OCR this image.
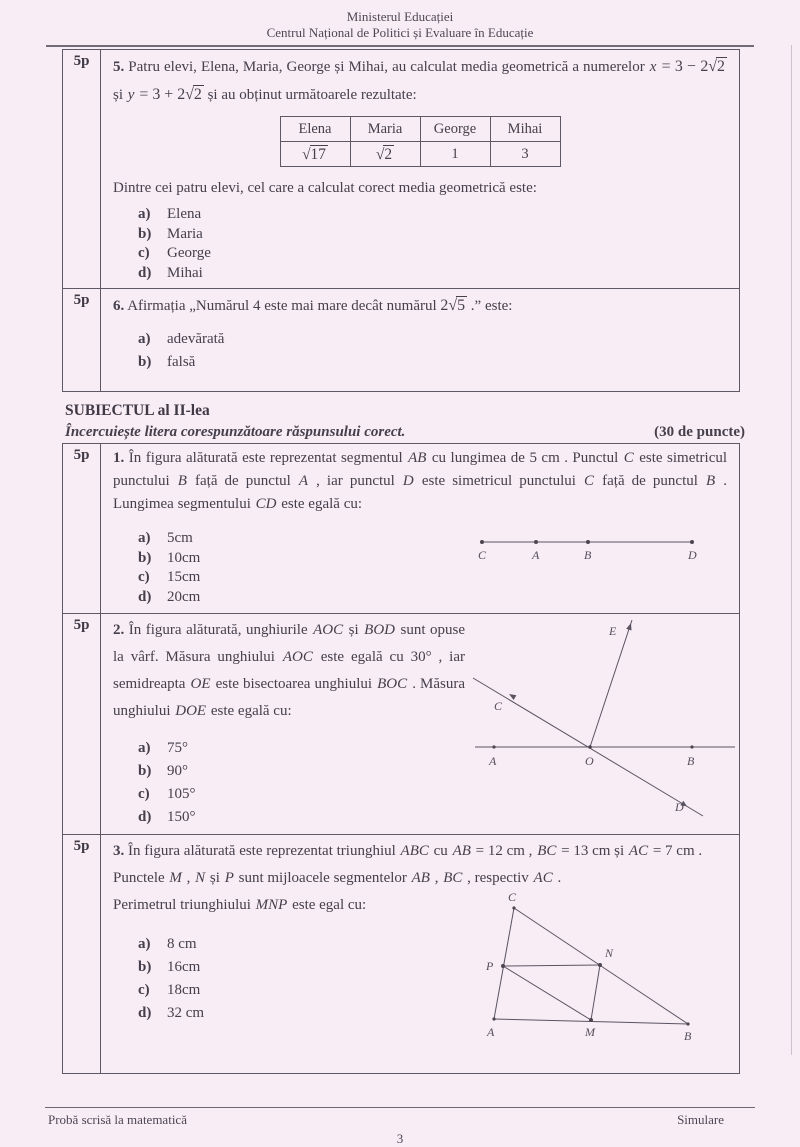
Ministerul Educației
Centrul Național de Politici și Evaluare în Educație
5p	5. Patru elevi, Elena, Maria, George și Mihai, au calculat media geometrică a numerelor x = 3 − 2√2 și y = 3 + 2√2 și au obținut următoarele rezultate:
Elena	Maria	George	Mihai
√17	√2	1	3
Dintre cei patru elevi, cel care a calculat corect media geometrică este:
a)	Elena
b)	Maria
c)	George
d)	Mihai

5p	6. Afirmația „Numărul 4 este mai mare decât numărul 2√5 .” este:
a)	adevărată
b)	falsă
SUBIECTUL al II-lea
Încercuiește litera corespunzătoare răspunsului corect.	(30 de puncte)
5p	1. În figura alăturată este reprezentat segmentul AB cu lungimea de 5 cm . Punctul C este simetricul punctului B față de punctul A , iar punctul D este simetricul punctului C față de punctul B . Lungimea segmentului CD este egală cu:
a)	5cm
b)	10cm
c)	15cm
d)	20cm
C	A	B	D

5p	2. În figura alăturată, unghiurile AOC și BOD sunt opuse la vârf. Măsura unghiului AOC este egală cu 30° , iar semidreapta OE este bisectoarea unghiului BOC . Măsura unghiului DOE este egală cu:
a)	75°
b)	90°
c)	105°
d)	150°
E
C
A	O	B
D

5p	3. În figura alăturată este reprezentat triunghiul ABC cu AB = 12 cm , BC = 13 cm și AC = 7 cm .
Punctele M , N și P sunt mijloacele segmentelor AB , BC , respectiv AC .
Perimetrul triunghiului MNP este egal cu:
a)	8 cm
b)	16cm
c)	18cm
d)	32 cm
C
P
N
A	M	B
Probă scrisă la matematică	Simulare
3
